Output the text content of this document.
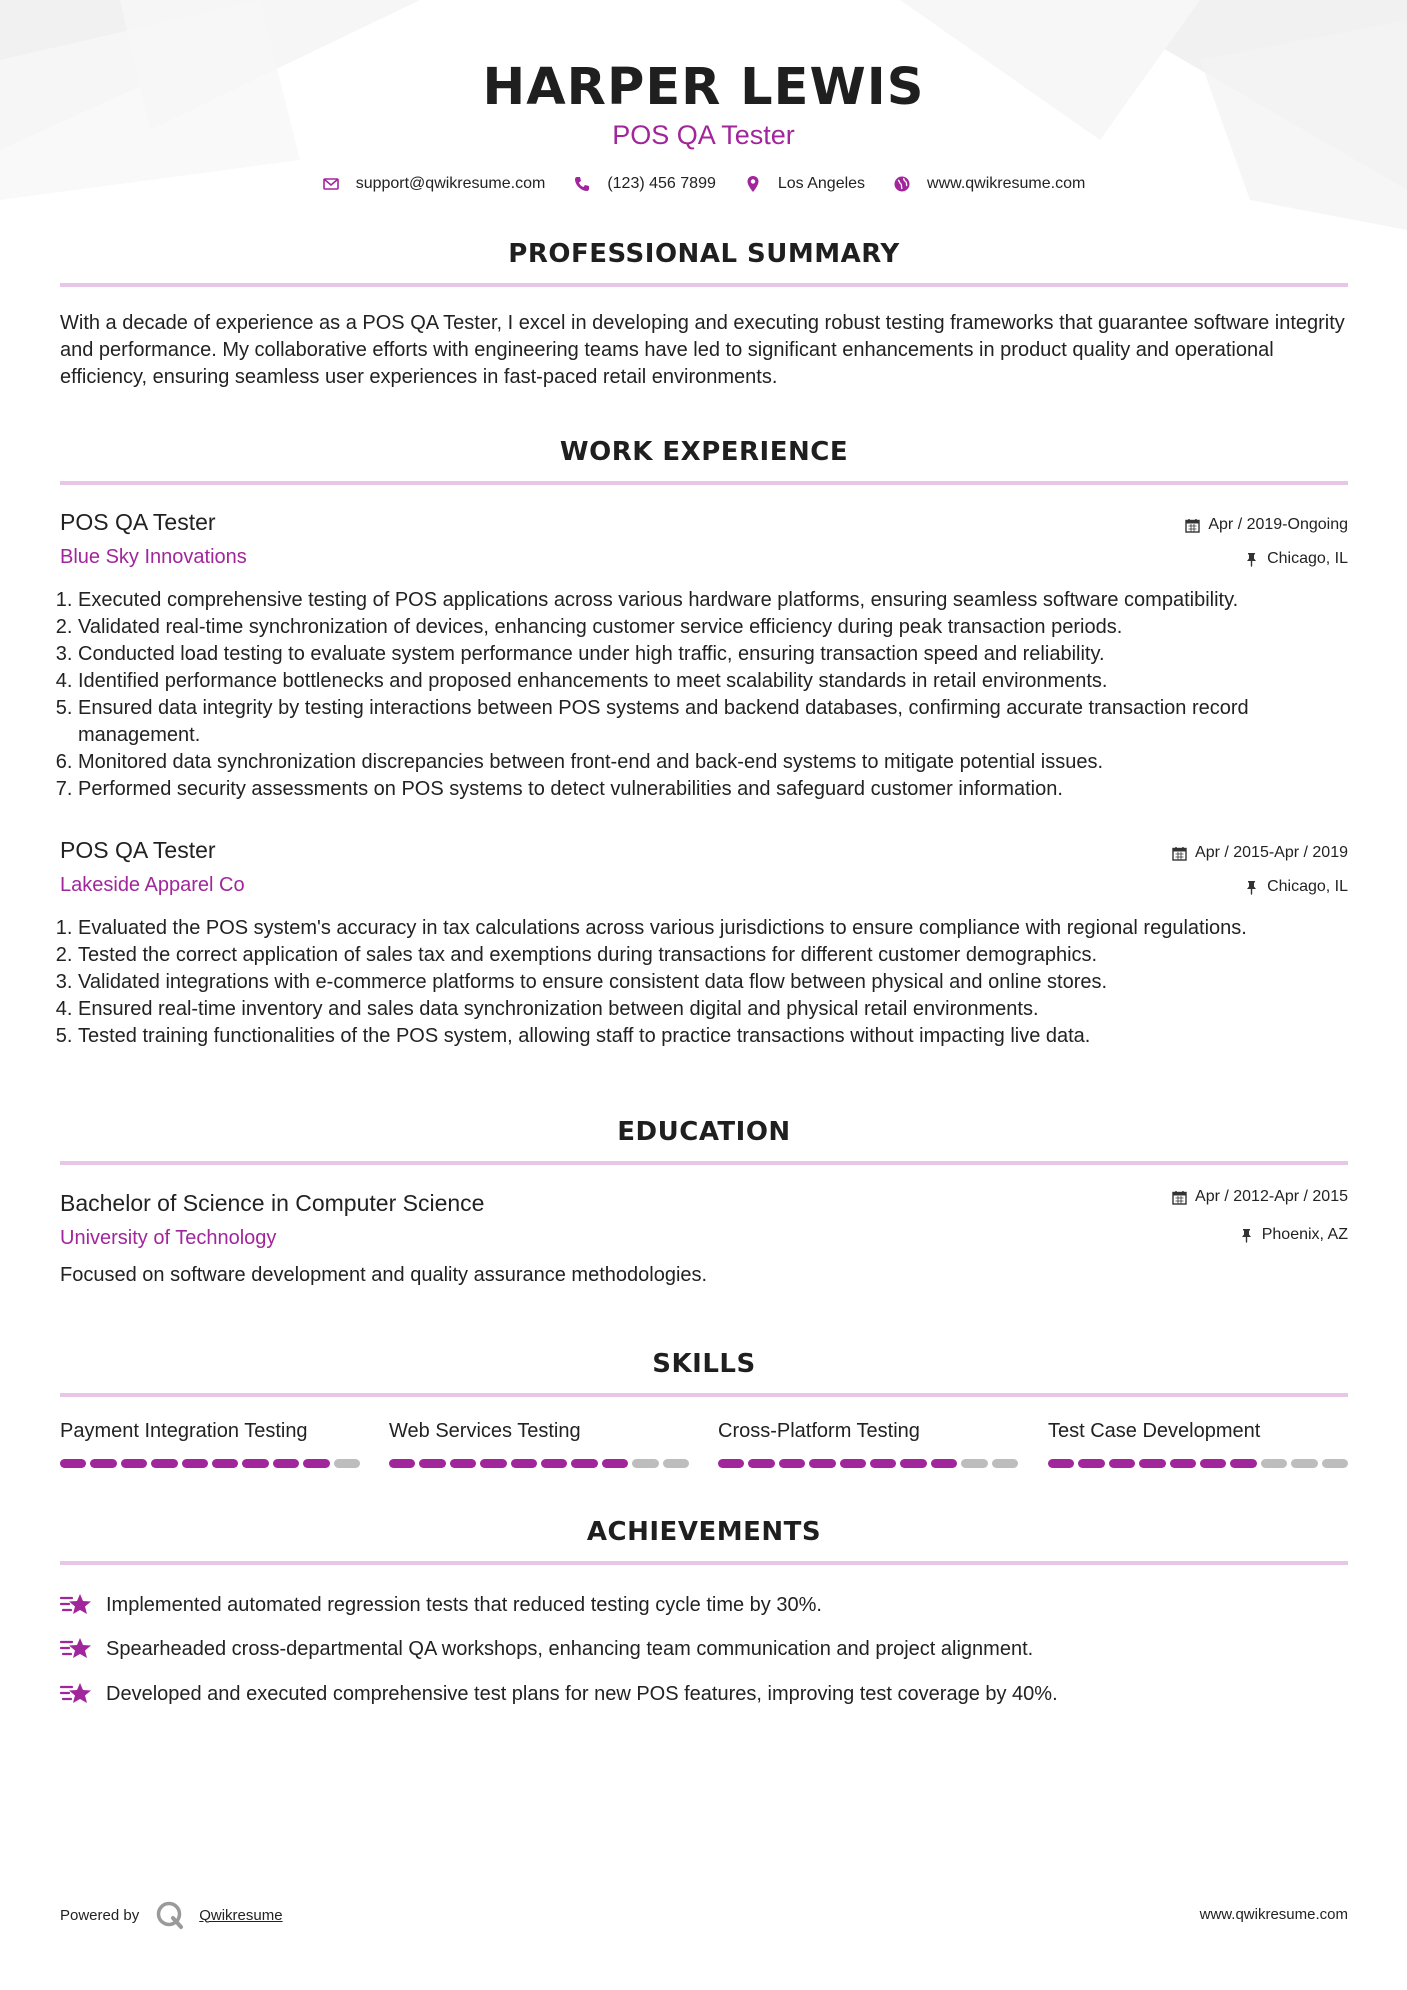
HARPER LEWIS
POS QA Tester
support@qwikresume.com	(123) 456 7899	Los Angeles	www.qwikresume.com
PROFESSIONAL SUMMARY
With a decade of experience as a POS QA Tester, I excel in developing and executing robust testing frameworks that guarantee software integrity and performance. My collaborative efforts with engineering teams have led to significant enhancements in product quality and operational efficiency, ensuring seamless user experiences in fast-paced retail environments.
WORK EXPERIENCE
POS QA Tester	Apr / 2019-Ongoing
Blue Sky Innovations	Chicago, IL
1. Executed comprehensive testing of POS applications across various hardware platforms, ensuring seamless software compatibility.
2. Validated real-time synchronization of devices, enhancing customer service efficiency during peak transaction periods.
3. Conducted load testing to evaluate system performance under high traffic, ensuring transaction speed and reliability.
4. Identified performance bottlenecks and proposed enhancements to meet scalability standards in retail environments.
5. Ensured data integrity by testing interactions between POS systems and backend databases, confirming accurate transaction record management.
6. Monitored data synchronization discrepancies between front-end and back-end systems to mitigate potential issues.
7. Performed security assessments on POS systems to detect vulnerabilities and safeguard customer information.
POS QA Tester	Apr / 2015-Apr / 2019
Lakeside Apparel Co	Chicago, IL
1. Evaluated the POS system's accuracy in tax calculations across various jurisdictions to ensure compliance with regional regulations.
2. Tested the correct application of sales tax and exemptions during transactions for different customer demographics.
3. Validated integrations with e-commerce platforms to ensure consistent data flow between physical and online stores.
4. Ensured real-time inventory and sales data synchronization between digital and physical retail environments.
5. Tested training functionalities of the POS system, allowing staff to practice transactions without impacting live data.
EDUCATION
Bachelor of Science in Computer Science	Apr / 2012-Apr / 2015
University of Technology	Phoenix, AZ
Focused on software development and quality assurance methodologies.
SKILLS
Payment Integration Testing	Web Services Testing	Cross-Platform Testing	Test Case Development
ACHIEVEMENTS
Implemented automated regression tests that reduced testing cycle time by 30%.
Spearheaded cross-departmental QA workshops, enhancing team communication and project alignment.
Developed and executed comprehensive test plans for new POS features, improving test coverage by 40%.
Powered by	Qwikresume	www.qwikresume.com
